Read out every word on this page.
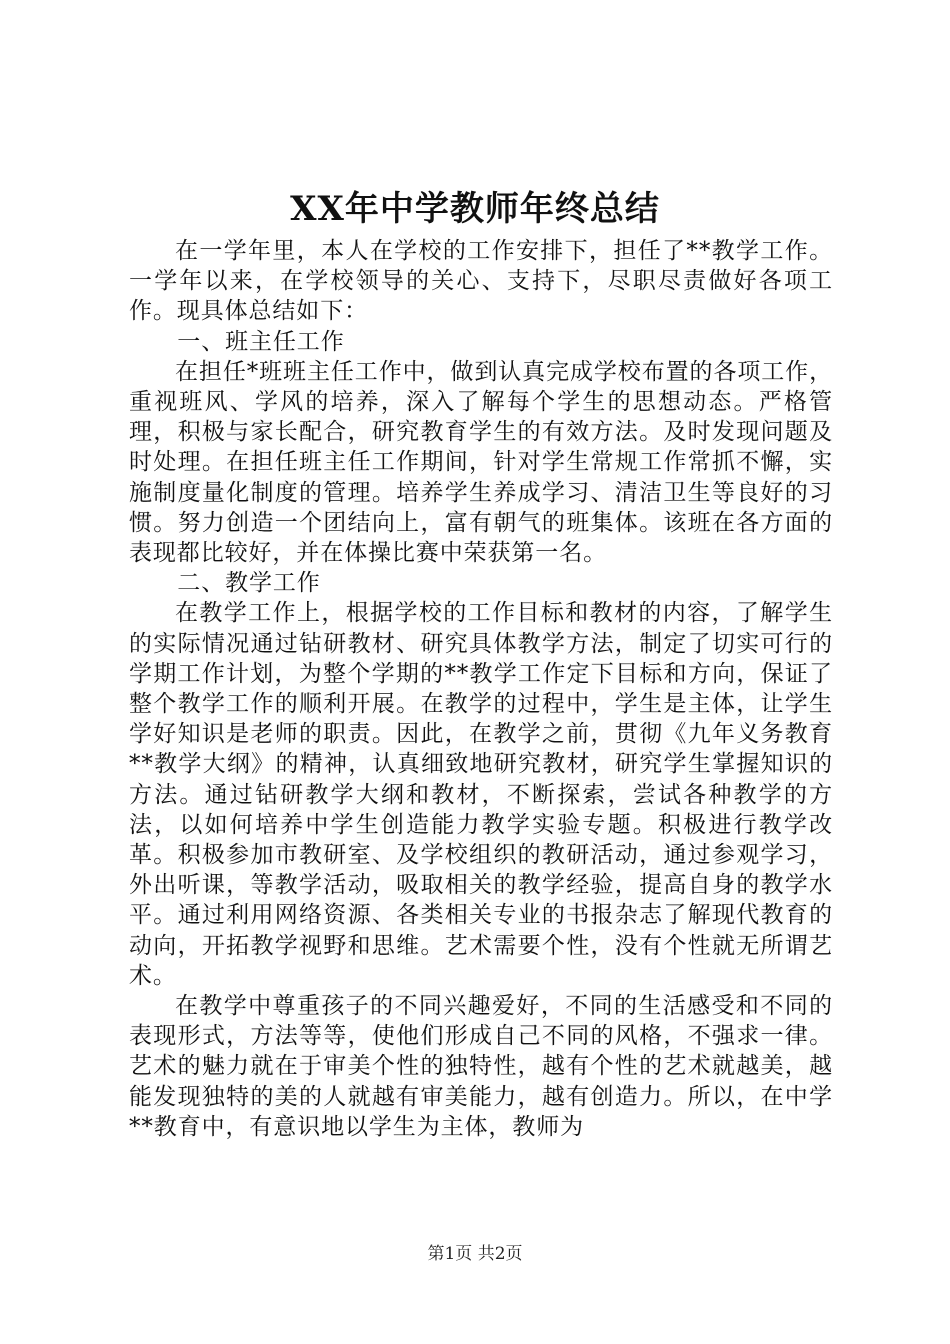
XX年中学教师年终总结

在一学年里，本人在学校的工作安排下，担任了**教学工作。一学年以来，在学校领导的关心、支持下，尽职尽责做好各项工作。现具体总结如下：

一、班主任工作

在担任*班班主任工作中，做到认真完成学校布置的各项工作，重视班风、学风的培养，深入了解每个学生的思想动态。严格管理，积极与家长配合，研究教育学生的有效方法。及时发现问题及时处理。在担任班主任工作期间，针对学生常规工作常抓不懈，实施制度量化制度的管理。培养学生养成学习、清洁卫生等良好的习惯。努力创造一个团结向上，富有朝气的班集体。该班在各方面的表现都比较好，并在体操比赛中荣获第一名。

二、教学工作

在教学工作上，根据学校的工作目标和教材的内容，了解学生的实际情况通过钻研教材、研究具体教学方法，制定了切实可行的学期工作计划，为整个学期的**教学工作定下目标和方向，保证了整个教学工作的顺利开展。在教学的过程中，学生是主体，让学生学好知识是老师的职责。因此，在教学之前，贯彻《九年义务教育**教学大纲》的精神，认真细致地研究教材，研究学生掌握知识的方法。通过钻研教学大纲和教材，不断探索，尝试各种教学的方法，以如何培养中学生创造能力教学实验专题。积极进行教学改革。积极参加市教研室、及学校组织的教研活动，通过参观学习，外出听课，等教学活动，吸取相关的教学经验，提高自身的教学水平。通过利用网络资源、各类相关专业的书报杂志了解现代教育的动向，开拓教学视野和思维。艺术需要个性，没有个性就无所谓艺术。

在教学中尊重孩子的不同兴趣爱好，不同的生活感受和不同的表现形式，方法等等，使他们形成自己不同的风格，不强求一律。艺术的魅力就在于审美个性的独特性，越有个性的艺术就越美，越能发现独特的美的人就越有审美能力，越有创造力。所以，在中学**教育中，有意识地以学生为主体，教师为

第1页 共2页
